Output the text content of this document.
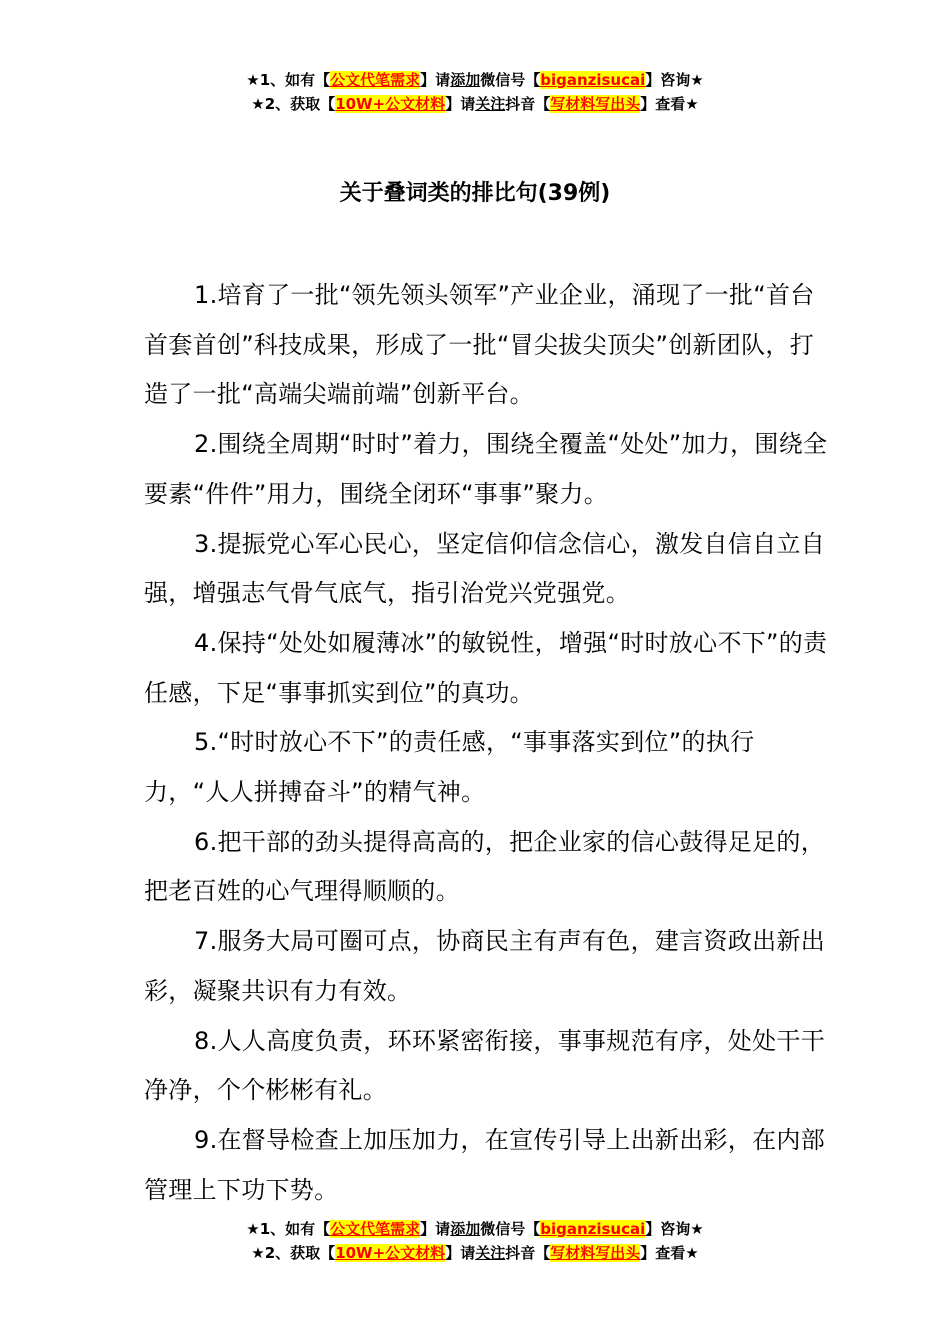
★1、如有【公文代笔需求】请添加微信号【biganzisucai】咨询★
★2、获取【10W+公文材料】请关注抖音【写材料写出头】查看★
关于叠词类的排比句(39例)

1.培育了一批“领先领头领军”产业企业，涌现了一批“首台首套首创”科技成果，形成了一批“冒尖拔尖顶尖”创新团队，打造了一批“高端尖端前端”创新平台。

2.围绕全周期“时时”着力，围绕全覆盖“处处”加力，围绕全要素“件件”用力，围绕全闭环“事事”聚力。

3.提振党心军心民心，坚定信仰信念信心，激发自信自立自强，增强志气骨气底气，指引治党兴党强党。

4.保持“处处如履薄冰”的敏锐性，增强“时时放心不下”的责任感，下足“事事抓实到位”的真功。

5.“时时放心不下”的责任感，“事事落实到位”的执行力，“人人拼搏奋斗”的精气神。

6.把干部的劲头提得高高的，把企业家的信心鼓得足足的，把老百姓的心气理得顺顺的。

7.服务大局可圈可点，协商民主有声有色，建言资政出新出彩，凝聚共识有力有效。

8.人人高度负责，环环紧密衔接，事事规范有序，处处干干净净，个个彬彬有礼。

9.在督导检查上加压加力，在宣传引导上出新出彩，在内部管理上下功下势。

★1、如有【公文代笔需求】请添加微信号【biganzisucai】咨询★
★2、获取【10W+公文材料】请关注抖音【写材料写出头】查看★
